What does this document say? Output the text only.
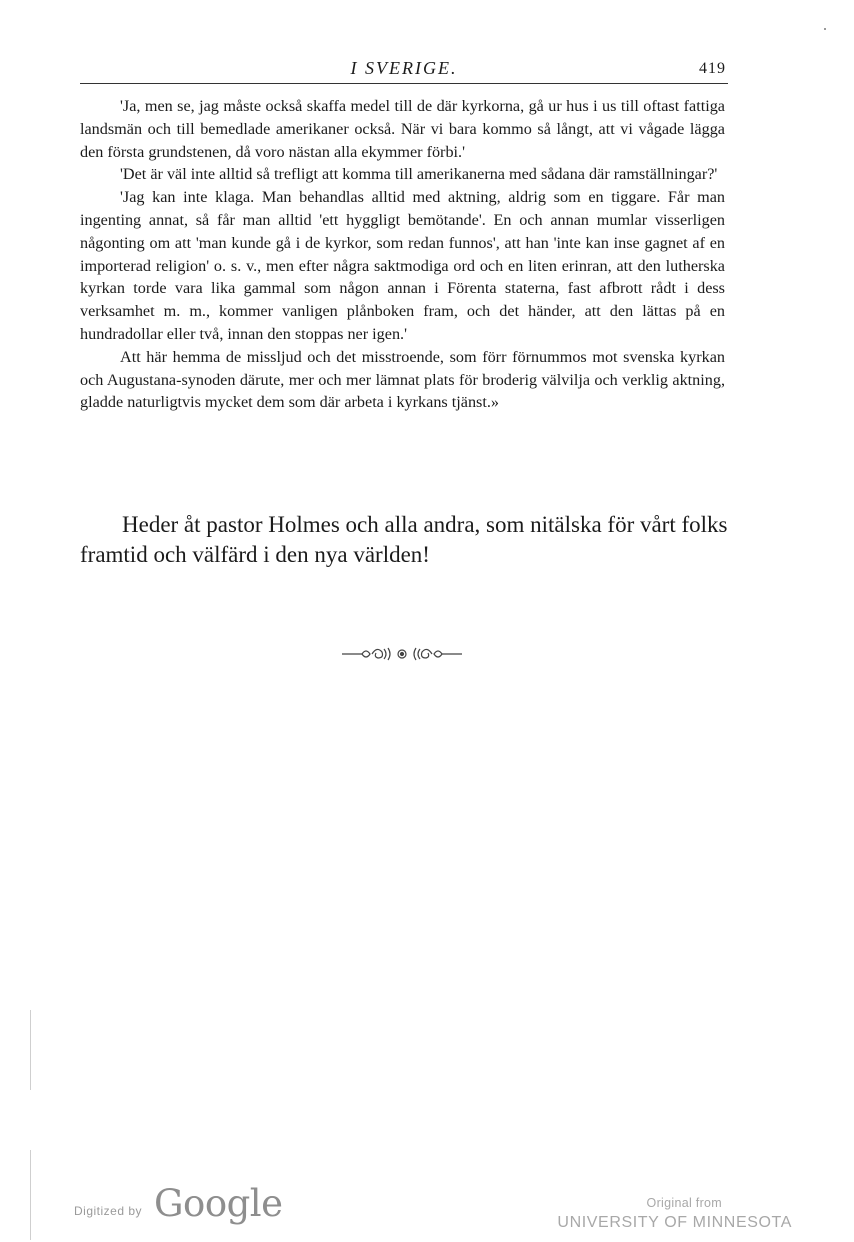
I SVERIGE.	419

'Ja, men se, jag måste också skaffa medel till de där kyrkorna, gå ur hus i us till oftast fattiga landsmän och till bemedlade amerikaner också. När vi bara kommo så långt, att vi vågade lägga den första grundstenen, då voro nästan alla ekymmer förbi.'

'Det är väl inte alltid så trefligt att komma till amerikanerna med sådana där ramställningar?'

'Jag kan inte klaga. Man behandlas alltid med aktning, aldrig som en tiggare. Får man ingenting annat, så får man alltid 'ett hyggligt bemötande'. En och annan mumlar visserligen någonting om att 'man kunde gå i de kyrkor, som redan funnos', att han 'inte kan inse gagnet af en importerad religion' o. s. v., men efter några saktmodiga ord och en liten erinran, att den lutherska kyrkan torde vara lika gammal som någon annan i Förenta staterna, fast afbrott rådt i dess verksamhet m. m., kommer vanligen plånboken fram, och det händer, att den lättas på en hundradollar eller två, innan den stoppas ner igen.'

Att här hemma de missljud och det misstroende, som förr förnummos mot svenska kyrkan och Augustana-synoden därute, mer och mer lämnat plats för broderig välvilja och verklig aktning, gladde naturligtvis mycket dem som där arbeta i kyrkans tjänst.»

Heder åt pastor Holmes och alla andra, som nitälska för vårt folks framtid och välfärd i den nya världen!
Digitized by Google	Original from
UNIVERSITY OF MINNESOTA
